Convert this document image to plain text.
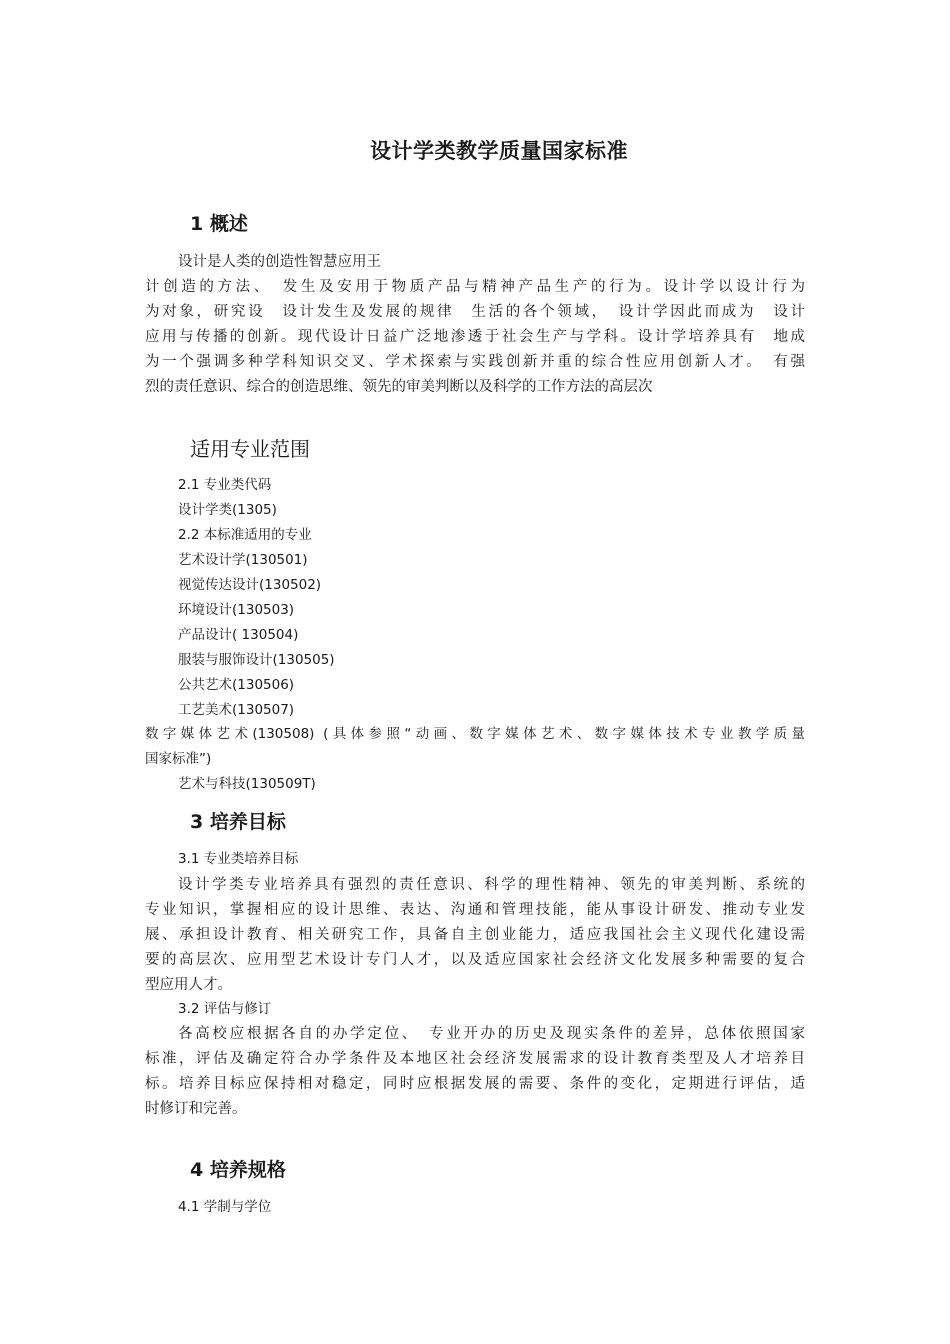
设计学类教学质量国家标准
1 概述
设计是人类的创造性智慧应用王
计创造的方法、　发生及安用于物质产品与精神产品生产的行为。设计学以设计行为
为对象，研究设　设计发生及发展的规律　生活的各个领域，　设计学因此而成为　设计
应用与传播的创新。现代设计日益广泛地渗透于社会生产与学科。设计学培养具有　地成
为一个强调多种学科知识交叉、学术探索与实践创新并重的综合性应用创新人才。　有强
烈的责任意识、综合的创造思维、领先的审美判断以及科学的工作方法的高层次
适用专业范围
2.1 专业类代码
设计学类(1305)
2.2 本标准适用的专业
艺术设计学(130501)
视觉传达设计(130502)
环境设计(130503)
产品设计( 130504)
服装与服饰设计(130505)
公共艺术(130506)
工艺美术(130507)
数字媒体艺术(130508) (具体参照“动画、数字媒体艺术、数字媒体技术专业教学质量
国家标准”)
艺术与科技(130509T)
3 培养目标
3.1 专业类培养目标
设计学类专业培养具有强烈的责任意识、科学的理性精神、领先的审美判断、系统的
专业知识，掌握相应的设计思维、表达、沟通和管理技能，能从事设计研发、推动专业发
展、承担设计教育、相关研究工作，具备自主创业能力，适应我国社会主义现代化建设需
要的高层次、应用型艺术设计专门人才，以及适应国家社会经济文化发展多种需要的复合
型应用人才。
3.2 评估与修订
各高校应根据各自的办学定位、　专业开办的历史及现实条件的差异，总体依照国家
标准，评估及确定符合办学条件及本地区社会经济发展需求的设计教育类型及人才培养目
标。培养目标应保持相对稳定，同时应根据发展的需要、条件的变化，定期进行评估，适
时修订和完善。
4 培养规格
4.1 学制与学位
